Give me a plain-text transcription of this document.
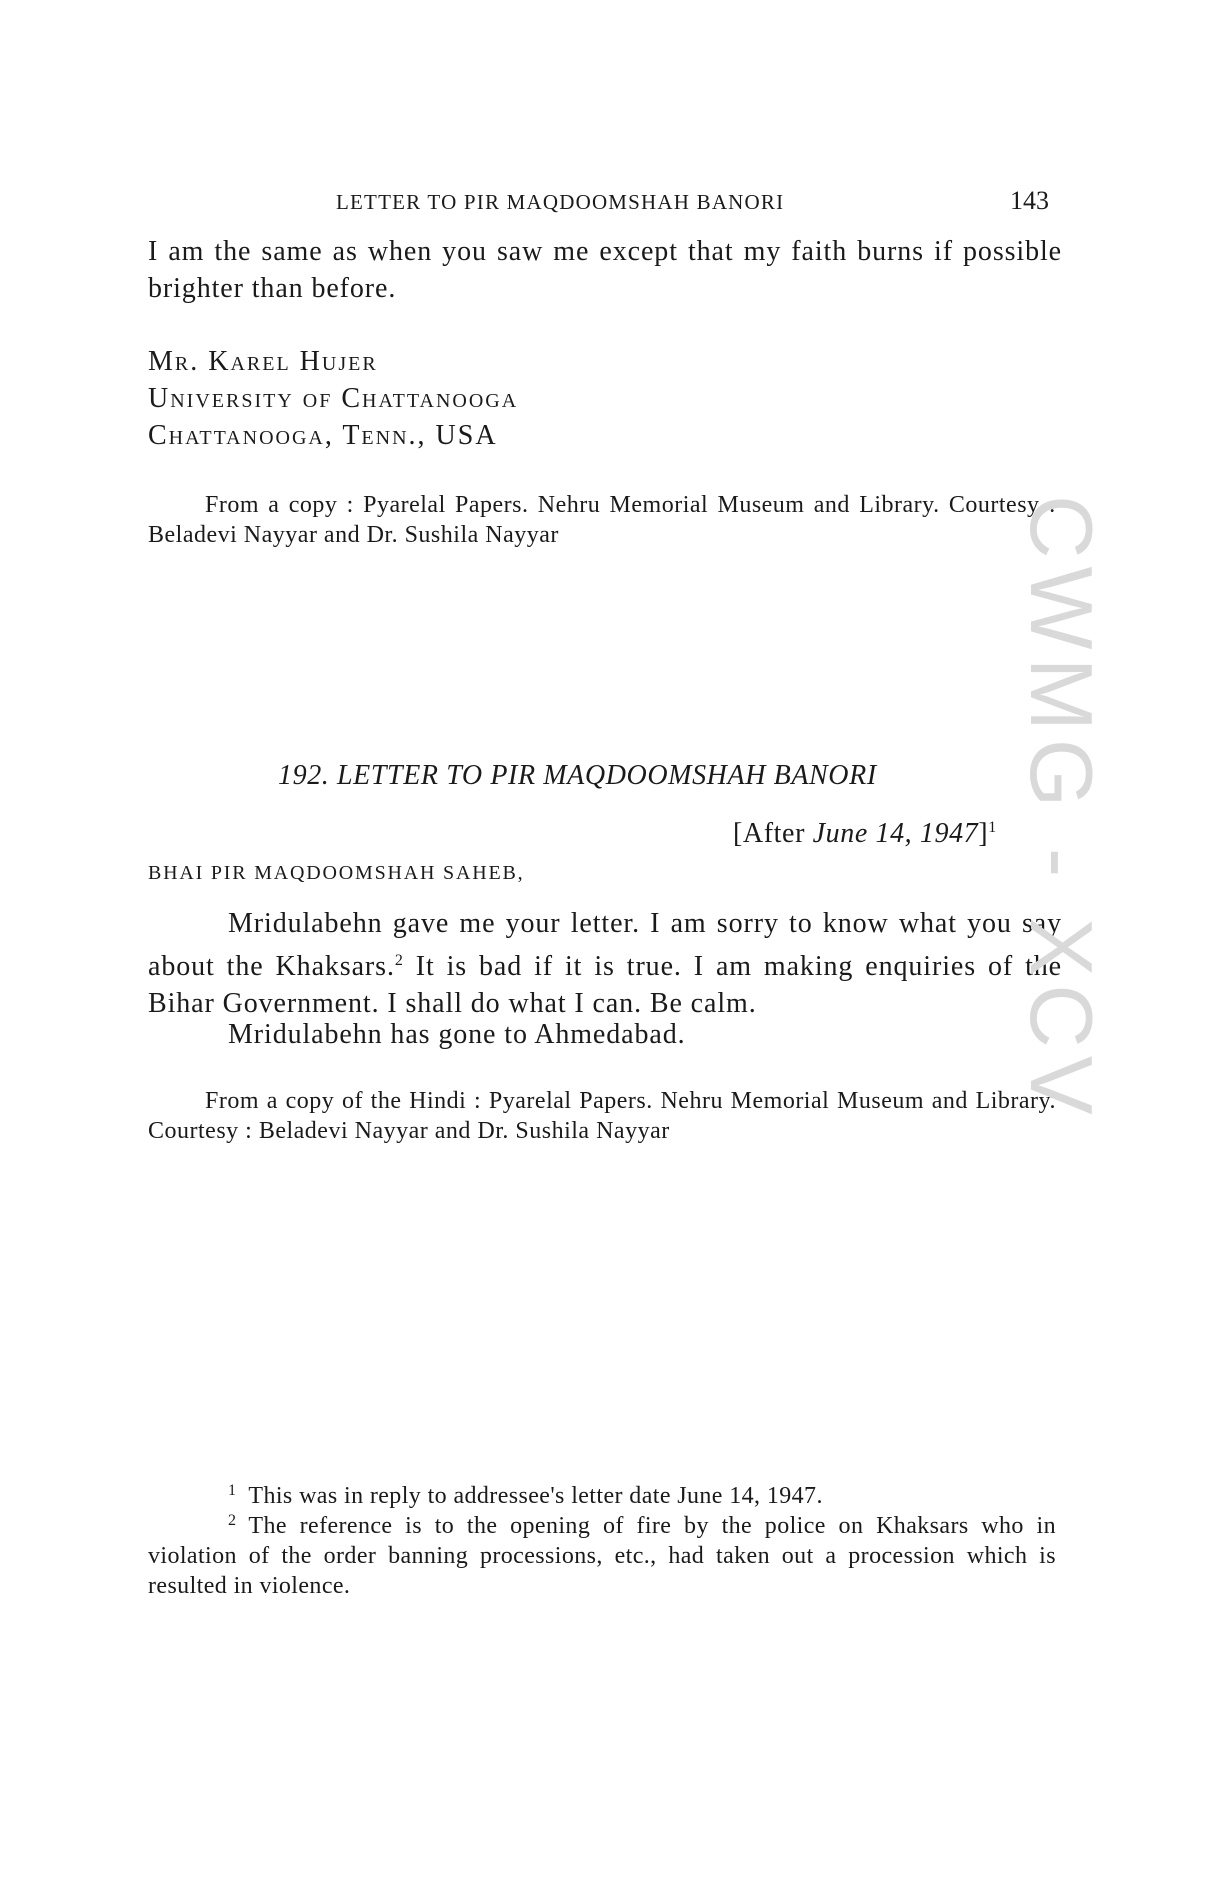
LETTER TO PIR MAQDOOMSHAH BANORI	143

I am the same as when you saw me except that my faith burns if possible brighter than before.

Mr. Karel Hujer
University of Chattanooga
Chattanooga, Tenn., USA

From a copy : Pyarelal Papers. Nehru Memorial Museum and Library. Courtesy : Beladevi Nayyar and Dr. Sushila Nayyar

192. LETTER TO PIR MAQDOOMSHAH BANORI
[After June 14, 1947]$^1$
BHAI PIR MAQDOOMSHAH SAHEB,

Mridulabehn gave me your letter. I am sorry to know what you say about the Khaksars.$^2$ It is bad if it is true. I am making enquiries of the Bihar Government. I shall do what I can. Be calm.

Mridulabehn has gone to Ahmedabad.

From a copy of the Hindi : Pyarelal Papers. Nehru Memorial Museum and Library. Courtesy : Beladevi Nayyar and Dr. Sushila Nayyar

$^1$ This was in reply to addressee's letter date June 14, 1947.

$^2$ The reference is to the opening of fire by the police on Khaksars who in violation of the order banning processions, etc., had taken out a procession which is resulted in violence.

CWMG - XCV
